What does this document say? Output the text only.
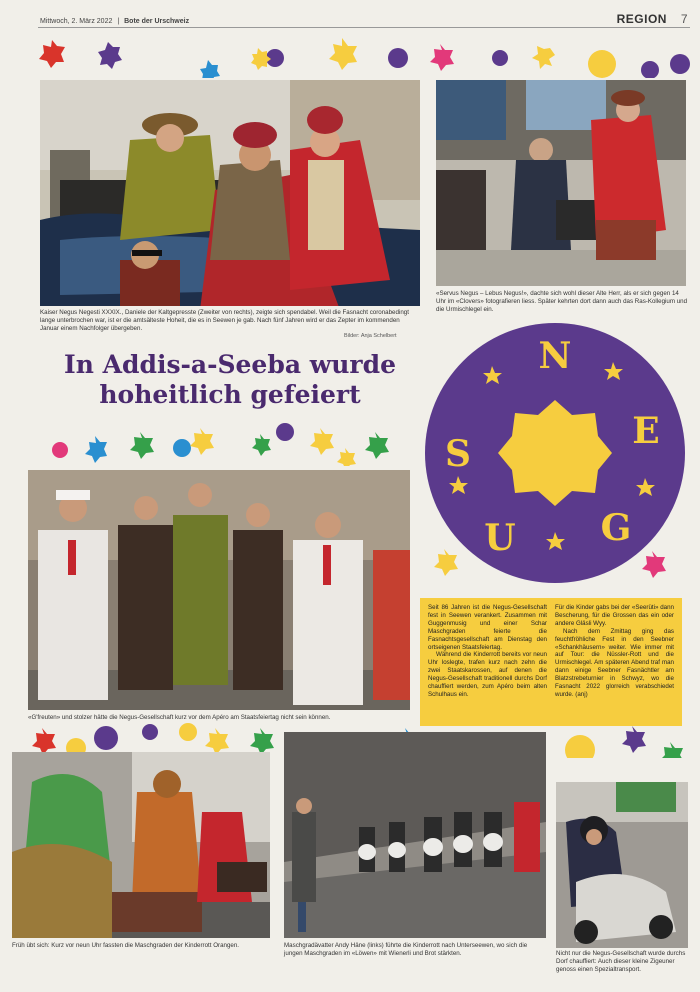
Mittwoch, 2. März 2022 | Bote der Urschweiz	REGION 7
Kaiser Negus Negesti XXXIX., Daniele der Kaltgepresste (Zweiter von rechts), zeigte sich spendabel. Weil die Fasnacht coronabedingt lange unterbrochen war, ist er die amtsälteste Hoheit, die es in Seewen je gab. Nach fünf Jahren wird er das Zepter im kommenden Januar einem Nachfolger übergeben.
Bilder: Anja Schelbert
«Servus Negus – Lebus Negus!», dachte sich wohl dieser Alte Herr, als er sich gegen 14 Uhr im «Clovers» fotografieren liess. Später kehrten dort dann auch das Ras-Kollegium und die Urmischlegel ein.
In Addis-a-Seeba wurde
hoheitlich gefeiert
N
S
E
U G
«G'freuten» und stolzer hätte die Negus-Gesellschaft kurz vor dem Apéro am Staatsfeiertag nicht sein können.

Seit 86 Jahren ist die Negus-Gesellschaft fest in Seewen verankert. Zusammen mit Guggenmusig und einer Schar Maschgraden feierte die Fasnachtsgesellschaft am Dienstag den ortseigenen Staatsfeiertag.

Während die Kinderrott bereits vor neun Uhr loslegte, trafen kurz nach zehn die zwei Staatskarossen, auf denen die Negus-Gesellschaft traditionell durchs Dorf chauffiert werden, zum Apéro beim alten Schulhaus ein.

Für die Kinder gabs bei der «Seerüti» dann Bescherung, für die Grossen das ein oder andere Gläsli Wyy.

Nach dem Zmittag ging das feuchtfröhliche Fest in den Seebner «Schankhäusern» weiter. Wie immer mit auf Tour: die Nüssler-Rott und die Urmischlegel. Am späteren Abend traf man dann einige Seebner Fasnächtler am Blatzstrebeturnier in Schwyz, wo die Fasnacht 2022 glorreich verabschiedet wurde. (anj)

Früh übt sich: Kurz vor neun Uhr fassten die Maschgraden der Kinderrott Orangen.	Maschgradävatter Andy Häne (links) führte die Kinderrott nach Unterseewen, wo sich die jungen Maschgraden im «Löwen» mit Wienerli und Brot stärkten.	Nicht nur die Negus-Gesellschaft wurde durchs Dorf chauffiert: Auch dieser kleine Zigeuner genoss einen Spezialtransport.
